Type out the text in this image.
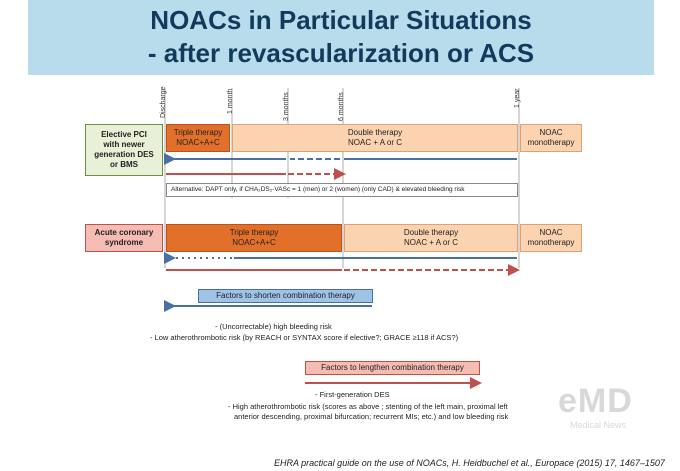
NOACs in Particular Situations
- after revascularization or ACS
Discharge	1 month	3 months	6 months	1 year
Elective PCI
with newer
generation DES
or BMS
Triple therapy
NOAC+A+C
Double therapy
NOAC + A or C
NOAC
monotherapy
Alternative: DAPT only, if CHA₂DS₂-VASc = 1 (men) or 2 (women) (only CAD) & elevated bleeding risk
Acute coronary
syndrome
Triple therapy
NOAC+A+C
Double therapy
NOAC + A or C
NOAC
monotherapy
Factors to shorten combination therapy
- (Uncorrectable) high bleeding risk
- Low atherothrombotic risk (by REACH or SYNTAX score if elective?; GRACE ≥118 if ACS?)
Factors to lengthen combination therapy
- First-generation DES
- High atherothrombotic risk (scores as above ; stenting of the left main, proximal left
anterior descending, proximal bifurcation; recurrent MIs; etc.) and low bleeding risk eMD
Medical News
EHRA practical guide on the use of NOACs, H. Heidbuchel et al., Europace (2015) 17, 1467–1507
